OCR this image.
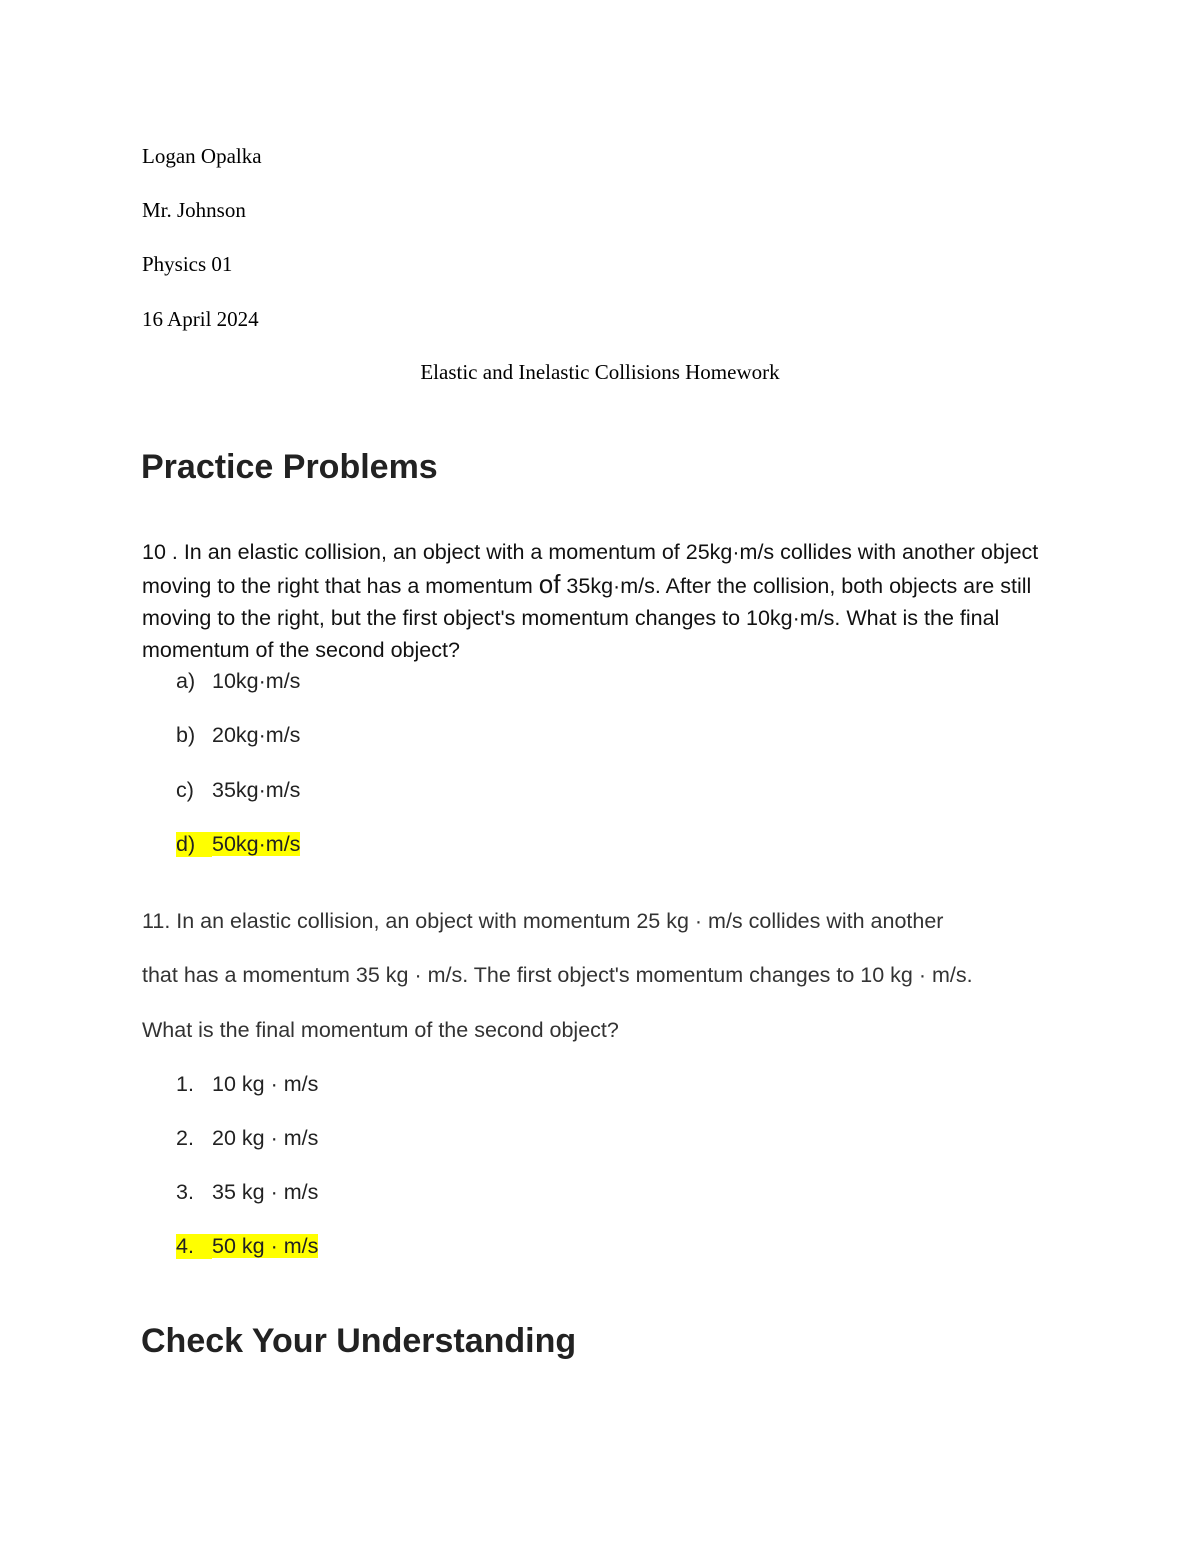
Logan Opalka
Mr. Johnson
Physics 01
16 April 2024
Elastic and Inelastic Collisions Homework
Practice Problems
10 . In an elastic collision, an object with a momentum of 25kg·m/s collides with another object moving to the right that has a momentum of 35kg·m/s. After the collision, both objects are still moving to the right, but the first object's momentum changes to 10kg·m/s. What is the final momentum of the second object?
a) 10kg·m/s
b) 20kg·m/s
c) 35kg·m/s
d) 50kg·m/s
11. In an elastic collision, an object with momentum 25 kg · m/s collides with another
that has a momentum 35 kg · m/s. The first object's momentum changes to 10 kg · m/s.
What is the final momentum of the second object?
1. 10 kg · m/s
2. 20 kg · m/s
3. 35 kg · m/s
4. 50 kg · m/s
Check Your Understanding
